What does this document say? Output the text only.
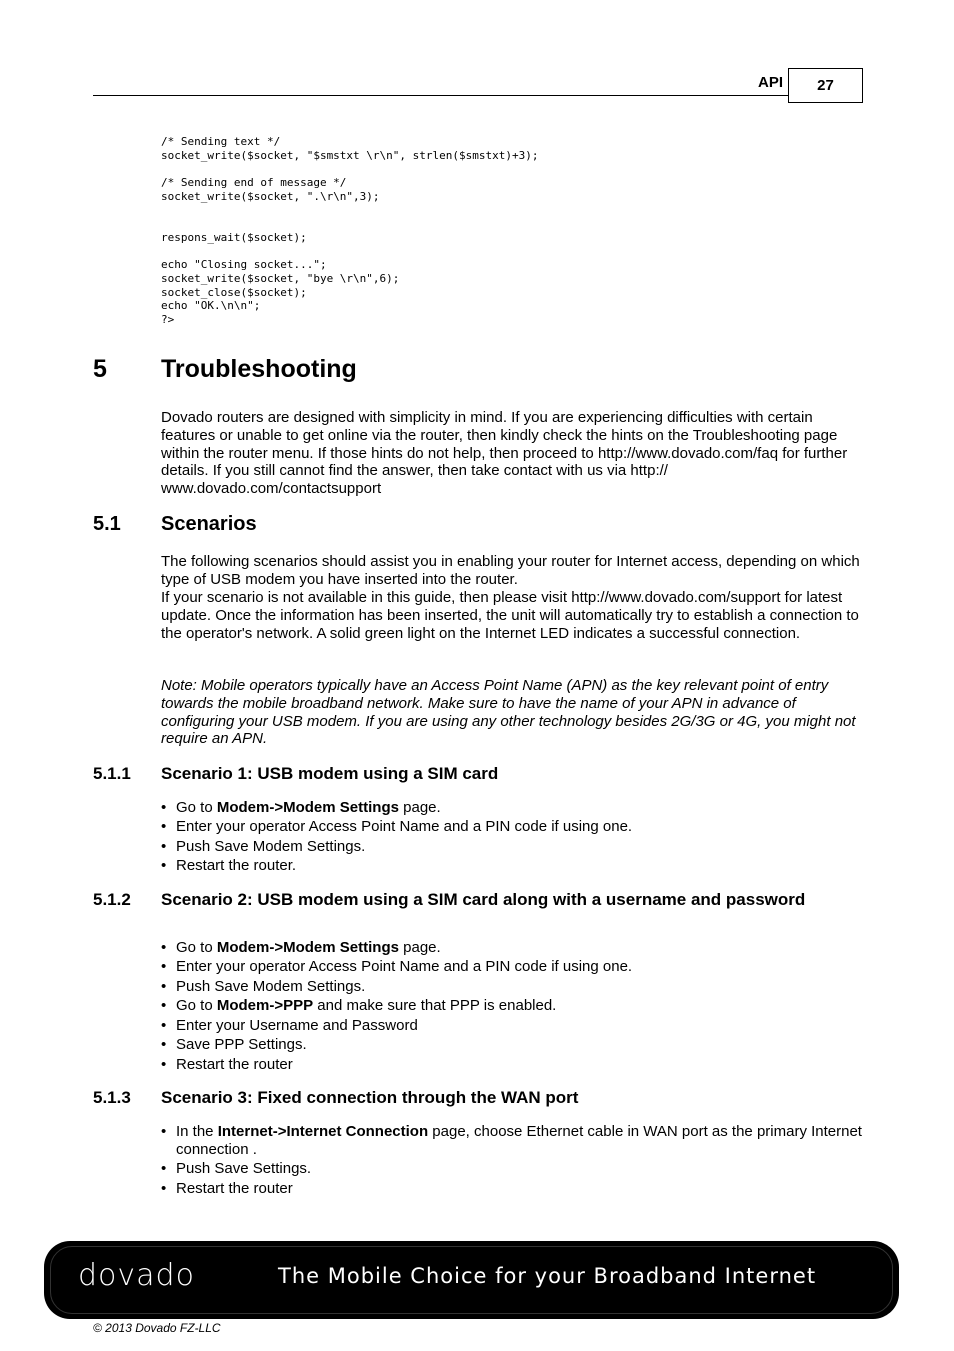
API 27
/* Sending text */
socket_write($socket, "$smstxt \r\n", strlen($smstxt)+3);

/* Sending end of message */
socket_write($socket, ".\r\n",3);

respons_wait($socket);

echo "Closing socket...";
socket_write($socket, "bye \r\n",6);
socket_close($socket);
echo "OK.\n\n";
?>
5 Troubleshooting

Dovado routers are designed with simplicity in mind. If you are experiencing difficulties with certain features or unable to get online via the router, then kindly check the hints on the Troubleshooting page within the router menu. If those hints do not help, then proceed to http://www.dovado.com/faq for further details. If you still cannot find the answer, then take contact with us via http:// www.dovado.com/contactsupport

5.1 Scenarios

The following scenarios should assist you in enabling your router for Internet access, depending on which type of USB modem you have inserted into the router.

If your scenario is not available in this guide, then please visit http://www.dovado.com/support for latest update. Once the information has been inserted, the unit will automatically try to establish a connection to the operator's network. A solid green light on the Internet LED indicates a successful connection.

Note: Mobile operators typically have an Access Point Name (APN) as the key relevant point of entry towards the mobile broadband network. Make sure to have the name of your APN in advance of configuring your USB modem. If you are using any other technology besides 2G/3G or 4G, you might not require an APN.

5.1.1 Scenario 1: USB modem using a SIM card
• Go to Modem->Modem Settings page.
• Enter your operator Access Point Name and a PIN code if using one.
• Push Save Modem Settings.
• Restart the router.
5.1.2 Scenario 2: USB modem using a SIM card along with a username and password
• Go to Modem->Modem Settings page.
• Enter your operator Access Point Name and a PIN code if using one.
• Push Save Modem Settings.
• Go to Modem->PPP and make sure that PPP is enabled.
• Enter your Username and Password
• Save PPP Settings.
• Restart the router
5.1.3 Scenario 3: Fixed connection through the WAN port
• In the Internet->Internet Connection page, choose Ethernet cable in WAN port as the primary Internet connection .
• Push Save Settings.
• Restart the router
dovado	The Mobile Choice for your Broadband Internet
© 2013 Dovado FZ-LLC
